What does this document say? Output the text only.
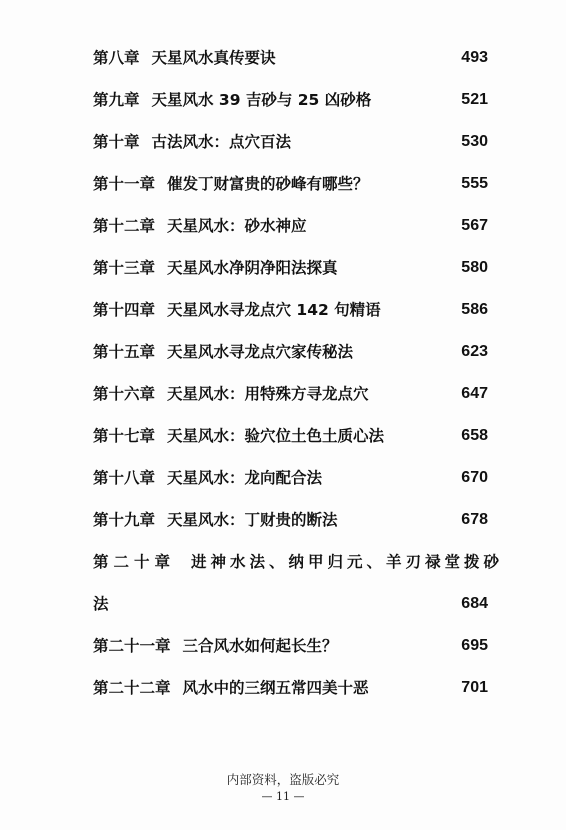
第八章 天星风水真传要诀	493
第九章 天星风水 39 吉砂与 25 凶砂格	521
第十章 古法风水：点穴百法	530
第十一章 催发丁财富贵的砂峰有哪些？	555
第十二章 天星风水：砂水神应	567
第十三章 天星风水净阴净阳法探真	580
第十四章 天星风水寻龙点穴 142 句精语	586
第十五章 天星风水寻龙点穴家传秘法	623
第十六章 天星风水：用特殊方寻龙点穴	647
第十七章 天星风水：验穴位土色土质心法	658
第十八章 天星风水：龙向配合法	670
第十九章 天星风水：丁财贵的断法	678
第二十章 进神水法、纳甲归元、羊刃禄堂拨砂
法	684
第二十一章 三合风水如何起长生？	695
第二十二章 风水中的三纲五常四美十恶	701
内部资料，盗版必究
— 11 —
